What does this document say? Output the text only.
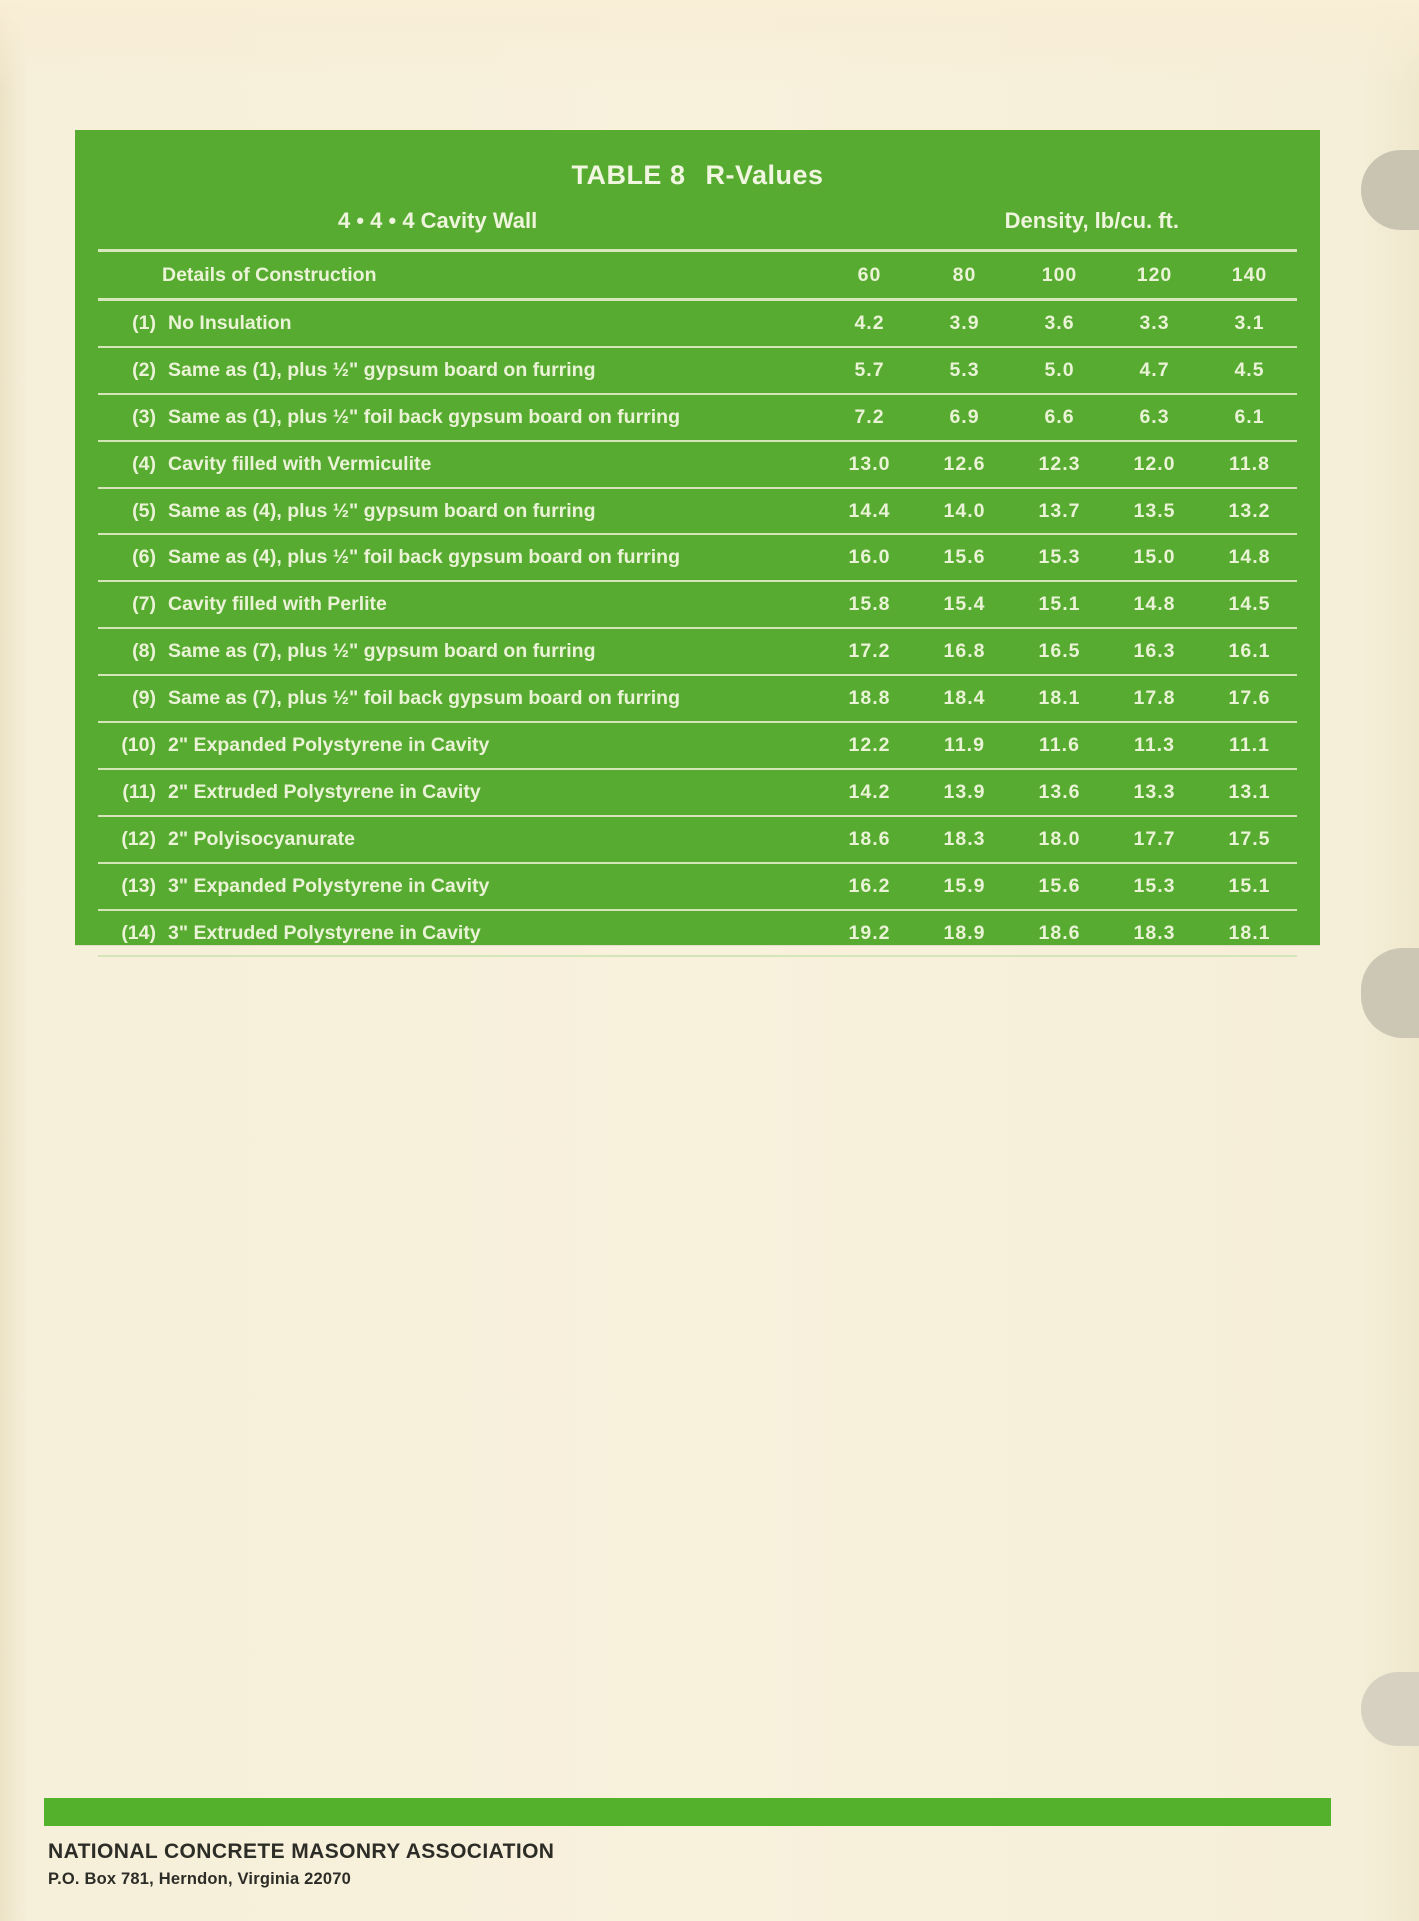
TABLE 8 R-Values
4 • 4 • 4 Cavity Wall	Density, lb/cu. ft.
Details of Construction	60	80	100	120	140
(1) No Insulation	4.2	3.9	3.6	3.3	3.1
(2) Same as (1), plus ½" gypsum board on furring	5.7	5.3	5.0	4.7	4.5
(3) Same as (1), plus ½" foil back gypsum board on furring	7.2	6.9	6.6	6.3	6.1
(4) Cavity filled with Vermiculite	13.0	12.6	12.3	12.0	11.8
(5) Same as (4), plus ½" gypsum board on furring	14.4	14.0	13.7	13.5	13.2
(6) Same as (4), plus ½" foil back gypsum board on furring	16.0	15.6	15.3	15.0	14.8
(7) Cavity filled with Perlite	15.8	15.4	15.1	14.8	14.5
(8) Same as (7), plus ½" gypsum board on furring	17.2	16.8	16.5	16.3	16.1
(9) Same as (7), plus ½" foil back gypsum board on furring	18.8	18.4	18.1	17.8	17.6
(10) 2" Expanded Polystyrene in Cavity	12.2	11.9	11.6	11.3	11.1
(11) 2" Extruded Polystyrene in Cavity	14.2	13.9	13.6	13.3	13.1
(12) 2" Polyisocyanurate	18.6	18.3	18.0	17.7	17.5
(13) 3" Expanded Polystyrene in Cavity	16.2	15.9	15.6	15.3	15.1
(14) 3" Extruded Polystyrene in Cavity	19.2	18.9	18.6	18.3	18.1
NATIONAL CONCRETE MASONRY ASSOCIATION
P.O. Box 781, Herndon, Virginia 22070
